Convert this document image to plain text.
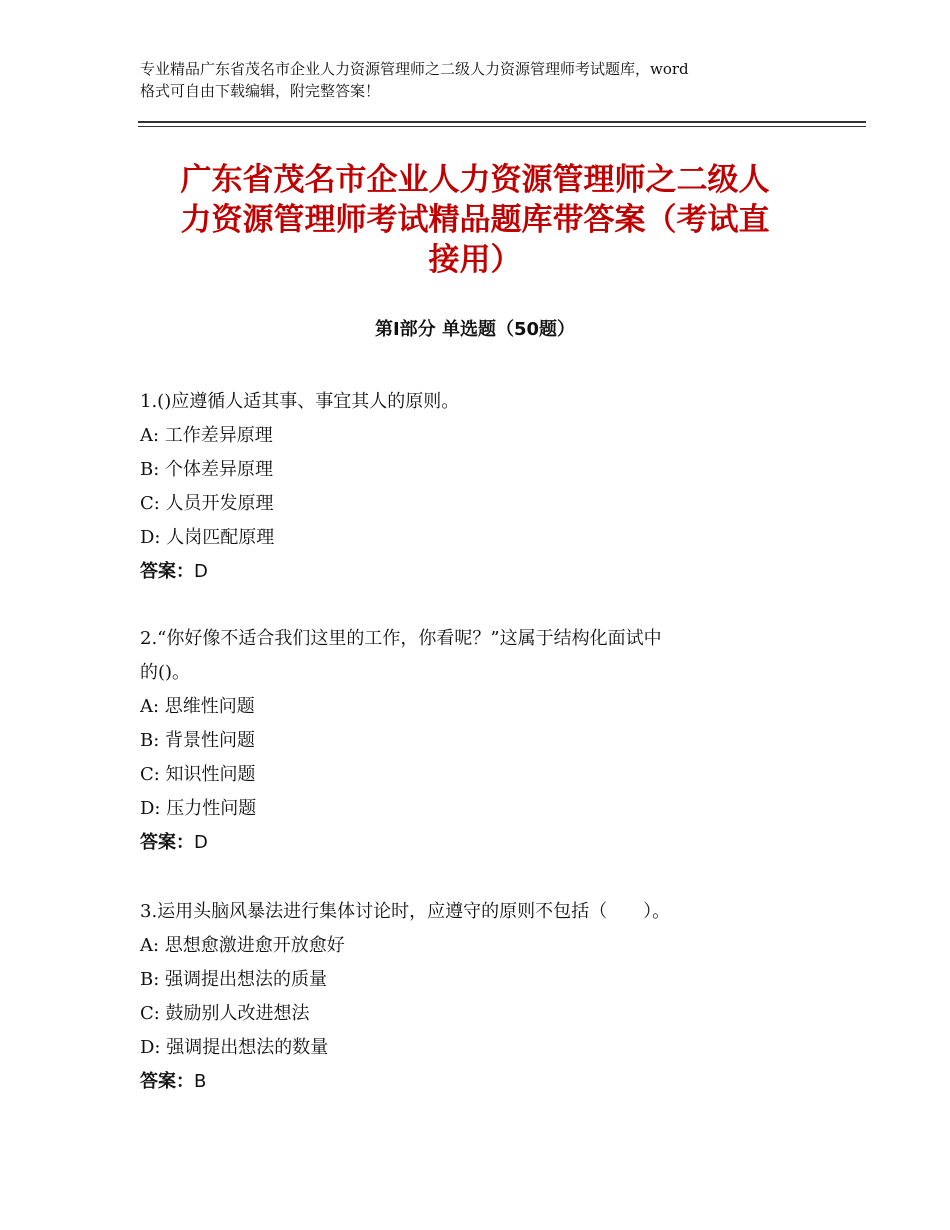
专业精品广东省茂名市企业人力资源管理师之二级人力资源管理师考试题库，word
格式可自由下载编辑，附完整答案！
广东省茂名市企业人力资源管理师之二级人
力资源管理师考试精品题库带答案（考试直
接用）
第Ⅰ部分 单选题（50题）
1.()应遵循人适其事、事宜其人的原则。
A: 工作差异原理
B: 个体差异原理
C: 人员开发原理
D: 人岗匹配原理
答案：D
2.“你好像不适合我们这里的工作，你看呢？”这属于结构化面试中
的()。
A: 思维性问题
B: 背景性问题
C: 知识性问题
D: 压力性问题
答案：D
3.运用头脑风暴法进行集体讨论时，应遵守的原则不包括（　　）。
A: 思想愈激进愈开放愈好
B: 强调提出想法的质量
C: 鼓励别人改进想法
D: 强调提出想法的数量
答案：B
